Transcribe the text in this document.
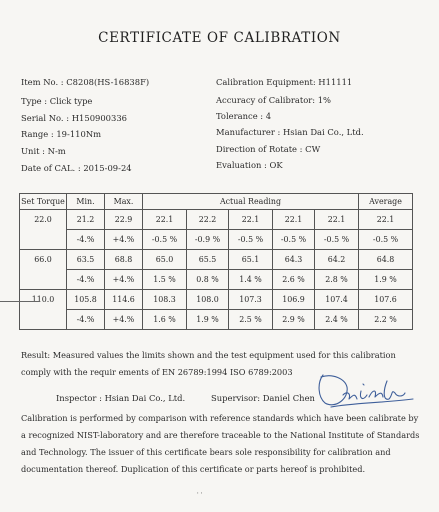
CERTIFICATE OF CALIBRATION
Item No. : C8208(HS-16838F)
Type : Click type
Serial No. : H150900336
Range : 19-110Nm
Unit : N-m
Date of CAL. : 2015-09-24
Calibration Equipment: H11111
Accuracy of Calibrator: 1%
Tolerance : 4
Manufacturer : Hsian Dai Co., Ltd.
Direction of Rotate : CW
Evaluation : OK
Set Torque	Min.	Max.	Actual Reading					Average
22.0	21.2	22.9	22.1	22.2	22.1	22.1	22.1	22.1
	-4.%	+4.%	-0.5 %	-0.9 %	-0.5 %	-0.5 %	-0.5 %	-0.5 %
66.0	63.5	68.8	65.0	65.5	65.1	64.3	64.2	64.8
	-4.%	+4.%	1.5 %	0.8 %	1.4 %	2.6 %	2.8 %	1.9 %
110.0	105.8	114.6	108.3	108.0	107.3	106.9	107.4	107.6
	-4.%	+4.%	1.6 %	1.9 %	2.5 %	2.9 %	2.4 %	2.2 %
Result: Measured values the limits shown and the test equipment used for this calibration
comply with the requir ements of EN 26789:1994 ISO 6789:2003
Inspector : Hsian Dai Co., Ltd.	Supervisor: Daniel Chen
Calibration is performed by comparison with reference standards which have been calibrate by
a recognized NIST-laboratory and are therefore traceable to the National Institute of Standards
and Technology. The issuer of this certificate bears sole responsibility for calibration and
documentation thereof. Duplication of this certificate or parts hereof is prohibited.
' '
